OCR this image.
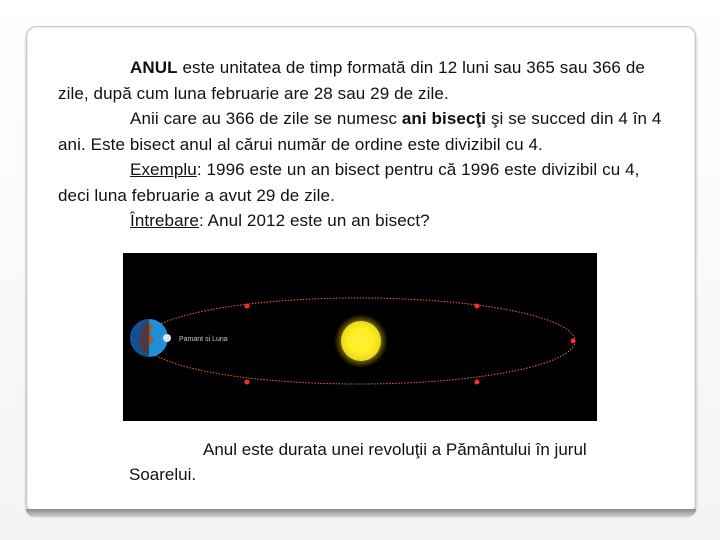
ANUL este unitatea de timp formată din 12 luni sau 365 sau 366 de zile, după cum luna februarie are 28 sau 29 de zile.

Anii care au 366 de zile se numesc ani bisecţi şi se succed din 4 în 4 ani. Este bisect anul al cărui număr de ordine este divizibil cu 4.

Exemplu: 1996 este un an bisect pentru că 1996 este divizibil cu 4, deci luna februarie a avut 29 de zile.

Întrebare: Anul 2012 este un an bisect?

Pamant si Luna
Anul este durata unei revoluţii a Pământului în jurul Soarelui.
